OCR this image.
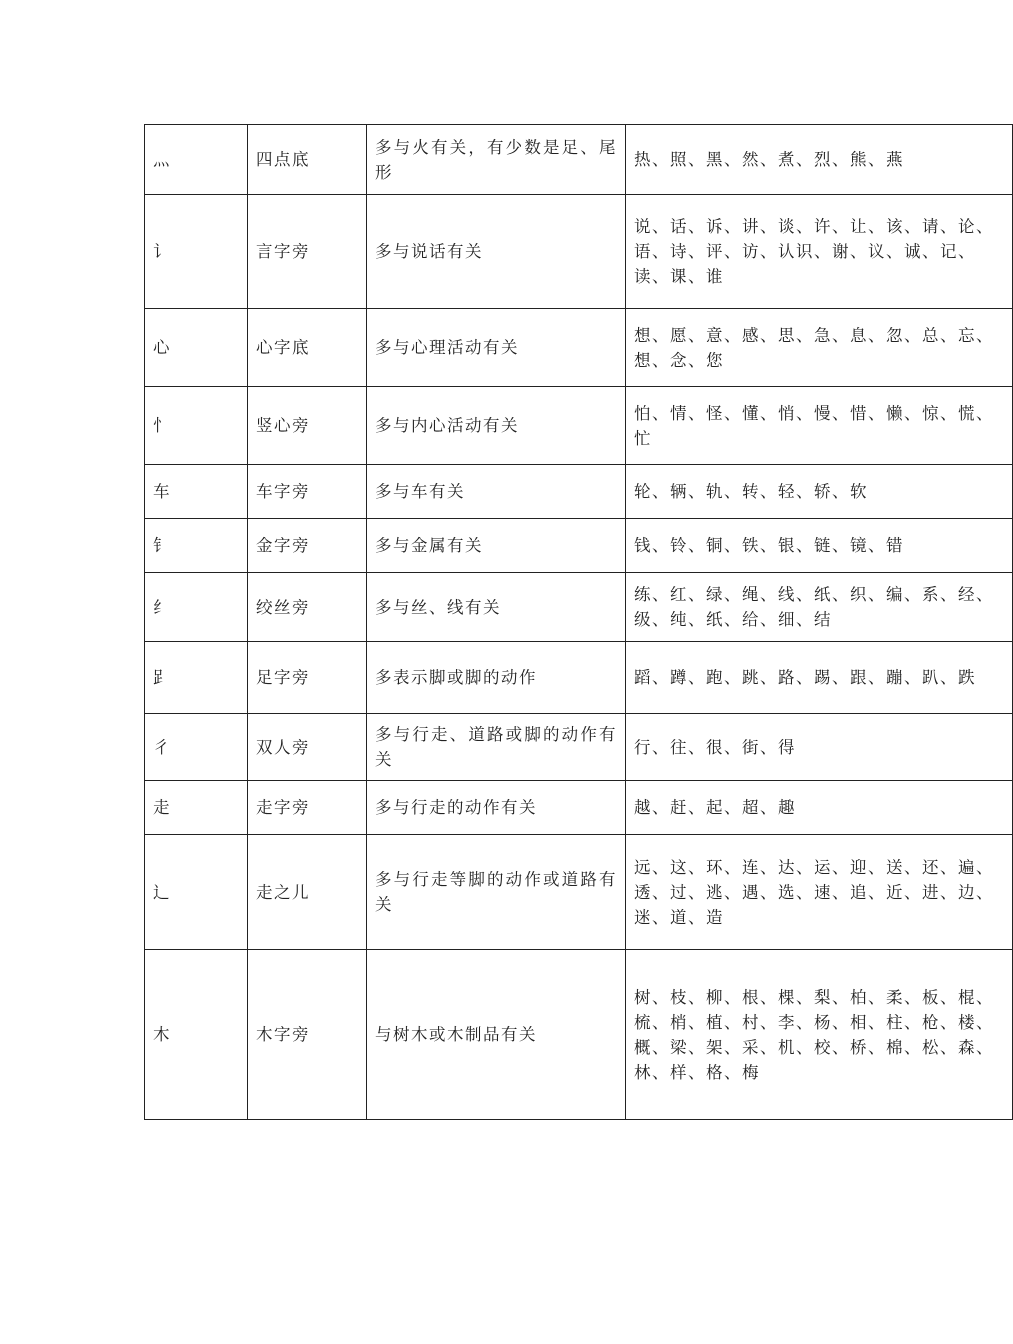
灬	四点底	多与火有关，有少数是足、尾形	热、照、黑、然、煮、烈、熊、燕
讠	言字旁	多与说话有关	说、话、诉、讲、谈、许、让、该、请、论、语、诗、评、访、认识、谢、议、诚、记、读、课、谁
心	心字底	多与心理活动有关	想、愿、意、感、思、急、息、忽、总、忘、想、念、您
忄	竖心旁	多与内心活动有关	怕、情、怪、懂、悄、慢、惜、懒、惊、慌、忙
车	车字旁	多与车有关	轮、辆、轨、转、轻、轿、软
钅	金字旁	多与金属有关	钱、铃、铜、铁、银、链、镜、错
纟	绞丝旁	多与丝、线有关	练、红、绿、绳、线、纸、织、编、系、经、级、纯、纸、给、细、结
𧾷	足字旁	多表示脚或脚的动作	蹈、蹲、跑、跳、路、踢、跟、蹦、趴、跌
彳	双人旁	多与行走、道路或脚的动作有关	行、往、很、街、得
走	走字旁	多与行走的动作有关	越、赶、起、超、趣
辶	走之儿	多与行走等脚的动作或道路有关	远、这、环、连、达、运、迎、送、还、遍、透、过、逃、遇、选、速、追、近、进、边、迷、道、造
木	木字旁	与树木或木制品有关	树、枝、柳、根、棵、梨、柏、柔、板、棍、梳、梢、植、村、李、杨、相、柱、枪、楼、概、梁、架、采、机、校、桥、棉、松、森、林、样、格、梅
